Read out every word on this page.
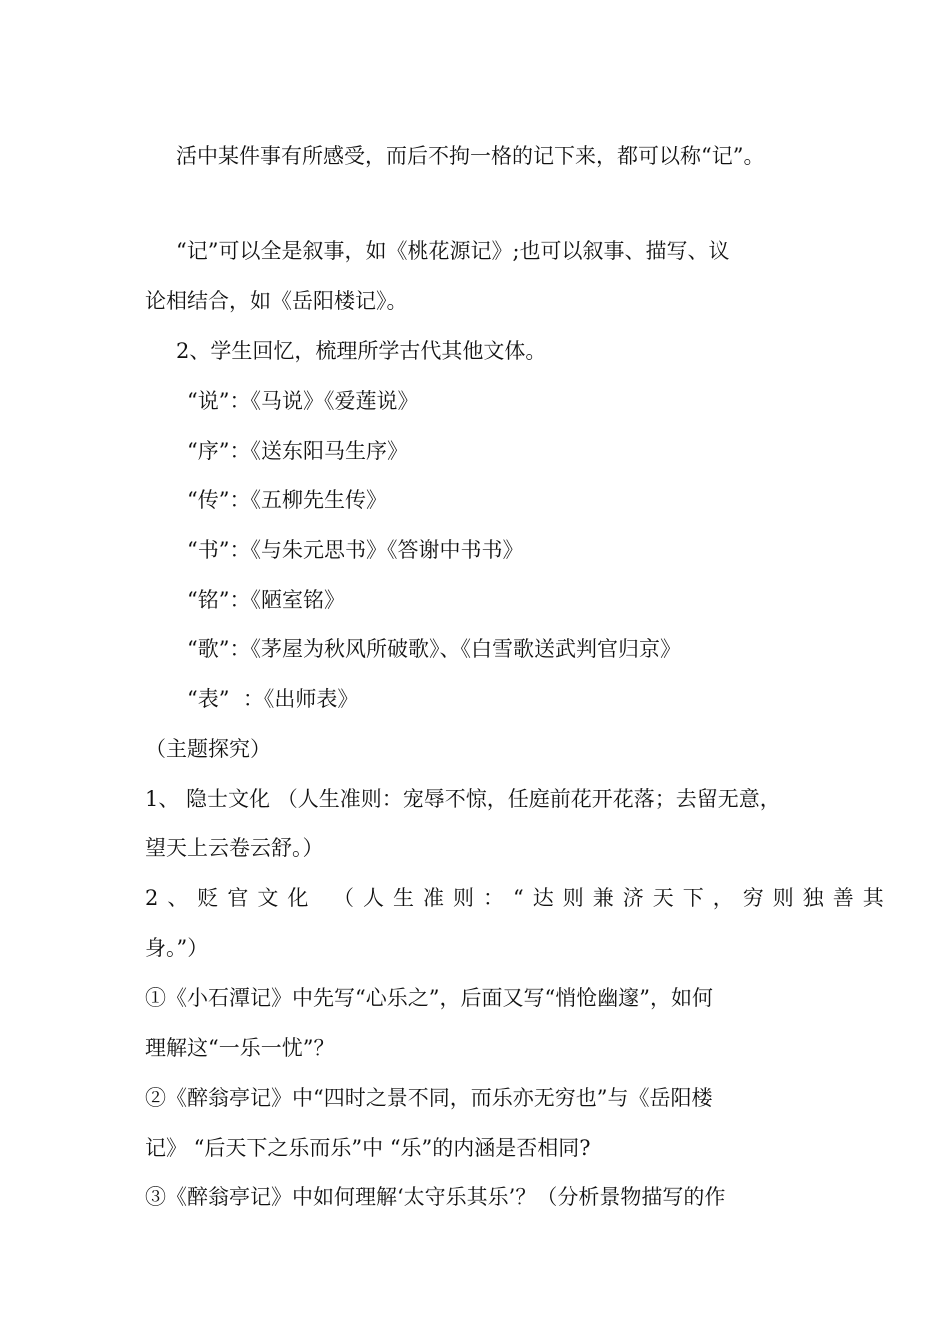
活中某件事有所感受，而后不拘一格的记下来，都可以称“记”。
“记”可以全是叙事，如《桃花源记》;也可以叙事、描写、议
论相结合，如《岳阳楼记》。
2、学生回忆，梳理所学古代其他文体。
“说”：《马说》《爱莲说》
“序”：《送东阳马生序》
“传”：《五柳先生传》
“书”：《与朱元思书》《答谢中书书》
“铭”：《陋室铭》
“歌”：《茅屋为秋风所破歌》、《白雪歌送武判官归京》
“表”  ：《出师表》
（主题探究）
1、 隐士文化 （人生准则：宠辱不惊，任庭前花开花落；去留无意，
望天上云卷云舒。）
2、贬官文化 （人生准则：“达则兼济天下，穷则独善其
身。”）
①《小石潭记》中先写“心乐之”，后面又写“悄怆幽邃”，如何
理解这“一乐一忧”？
②《醉翁亭记》中“四时之景不同，而乐亦无穷也”与《岳阳楼
记》 “后天下之乐而乐”中 “乐”的内涵是否相同?
③《醉翁亭记》中如何理解‘太守乐其乐’？（分析景物描写的作
